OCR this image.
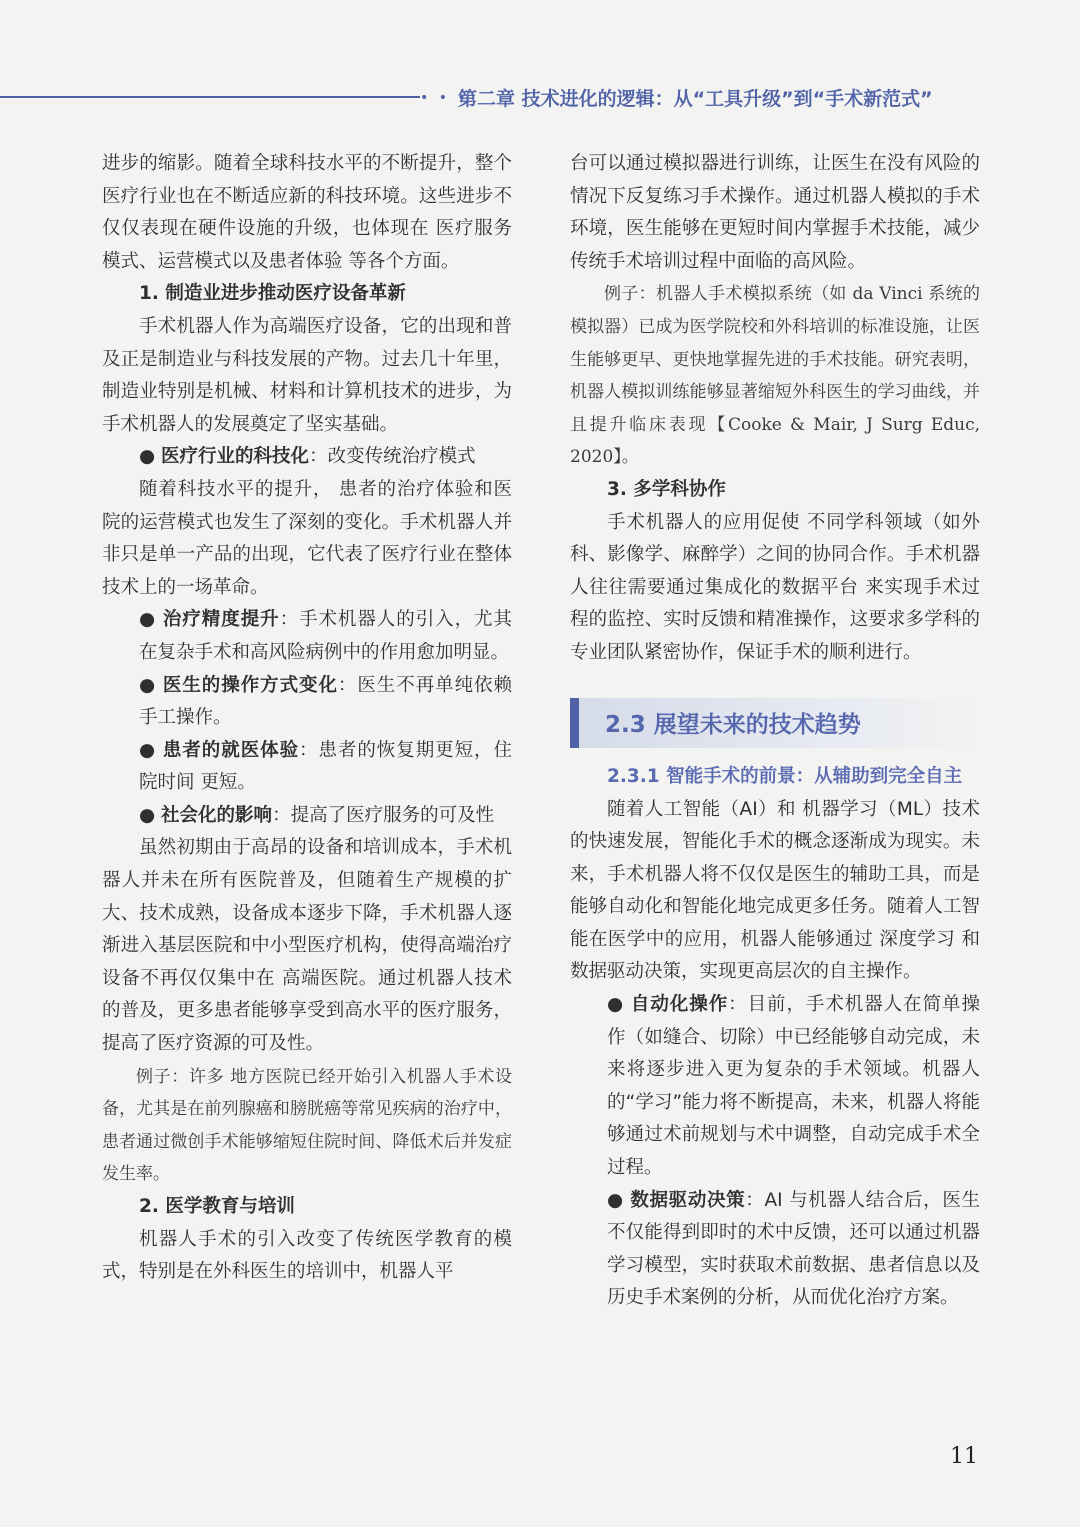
• • •
第二章 技术进化的逻辑：从“工具升级”到“手术新范式”

进步的缩影。随着全球科技水平的不断提升，整个医疗行业也在不断适应新的科技环境。这些进步不仅仅表现在硬件设施的升级，也体现在 医疗服务模式、运营模式以及患者体验 等各个方面。

1. 制造业进步推动医疗设备革新

手术机器人作为高端医疗设备，它的出现和普及正是制造业与科技发展的产物。过去几十年里，制造业特别是机械、材料和计算机技术的进步，为手术机器人的发展奠定了坚实基础。

● 医疗行业的科技化：改变传统治疗模式

随着科技水平的提升， 患者的治疗体验和医院的运营模式也发生了深刻的变化。手术机器人并非只是单一产品的出现，它代表了医疗行业在整体技术上的一场革命。

● 治疗精度提升：手术机器人的引入，尤其在复杂手术和高风险病例中的作用愈加明显。

● 医生的操作方式变化：医生不再单纯依赖手工操作。

● 患者的就医体验：患者的恢复期更短，住院时间 更短。

● 社会化的影响：提高了医疗服务的可及性

虽然初期由于高昂的设备和培训成本，手术机器人并未在所有医院普及，但随着生产规模的扩大、技术成熟，设备成本逐步下降，手术机器人逐渐进入基层医院和中小型医疗机构，使得高端治疗设备不再仅仅集中在 高端医院。通过机器人技术的普及，更多患者能够享受到高水平的医疗服务，提高了医疗资源的可及性。

例子：许多 地方医院已经开始引入机器人手术设备，尤其是在前列腺癌和膀胱癌等常见疾病的治疗中，患者通过微创手术能够缩短住院时间、降低术后并发症发生率。

2. 医学教育与培训

机器人手术的引入改变了传统医学教育的模式，特别是在外科医生的培训中，机器人平

台可以通过模拟器进行训练，让医生在没有风险的情况下反复练习手术操作。通过机器人模拟的手术环境，医生能够在更短时间内掌握手术技能，减少传统手术培训过程中面临的高风险。

例子：机器人手术模拟系统（如 da Vinci 系统的模拟器）已成为医学院校和外科培训的标准设施，让医生能够更早、更快地掌握先进的手术技能。研究表明，机器人模拟训练能够显著缩短外科医生的学习曲线，并且提升临床表现【Cooke & Mair, J Surg Educ, 2020】。

3. 多学科协作

手术机器人的应用促使 不同学科领域（如外科、影像学、麻醉学）之间的协同合作。手术机器人往往需要通过集成化的数据平台 来实现手术过程的监控、实时反馈和精准操作，这要求多学科的专业团队紧密协作，保证手术的顺利进行。

2.3 展望未来的技术趋势

2.3.1 智能手术的前景：从辅助到完全自主

随着人工智能（AI）和 机器学习（ML）技术的快速发展，智能化手术的概念逐渐成为现实。未来，手术机器人将不仅仅是医生的辅助工具，而是能够自动化和智能化地完成更多任务。随着人工智能在医学中的应用，机器人能够通过 深度学习 和 数据驱动决策，实现更高层次的自主操作。

● 自动化操作：目前，手术机器人在简单操作（如缝合、切除）中已经能够自动完成，未来将逐步进入更为复杂的手术领域。机器人的“学习”能力将不断提高，未来，机器人将能够通过术前规划与术中调整，自动完成手术全过程。

● 数据驱动决策：AI 与机器人结合后，医生不仅能得到即时的术中反馈，还可以通过机器学习模型，实时获取术前数据、患者信息以及历史手术案例的分析，从而优化治疗方案。

11
